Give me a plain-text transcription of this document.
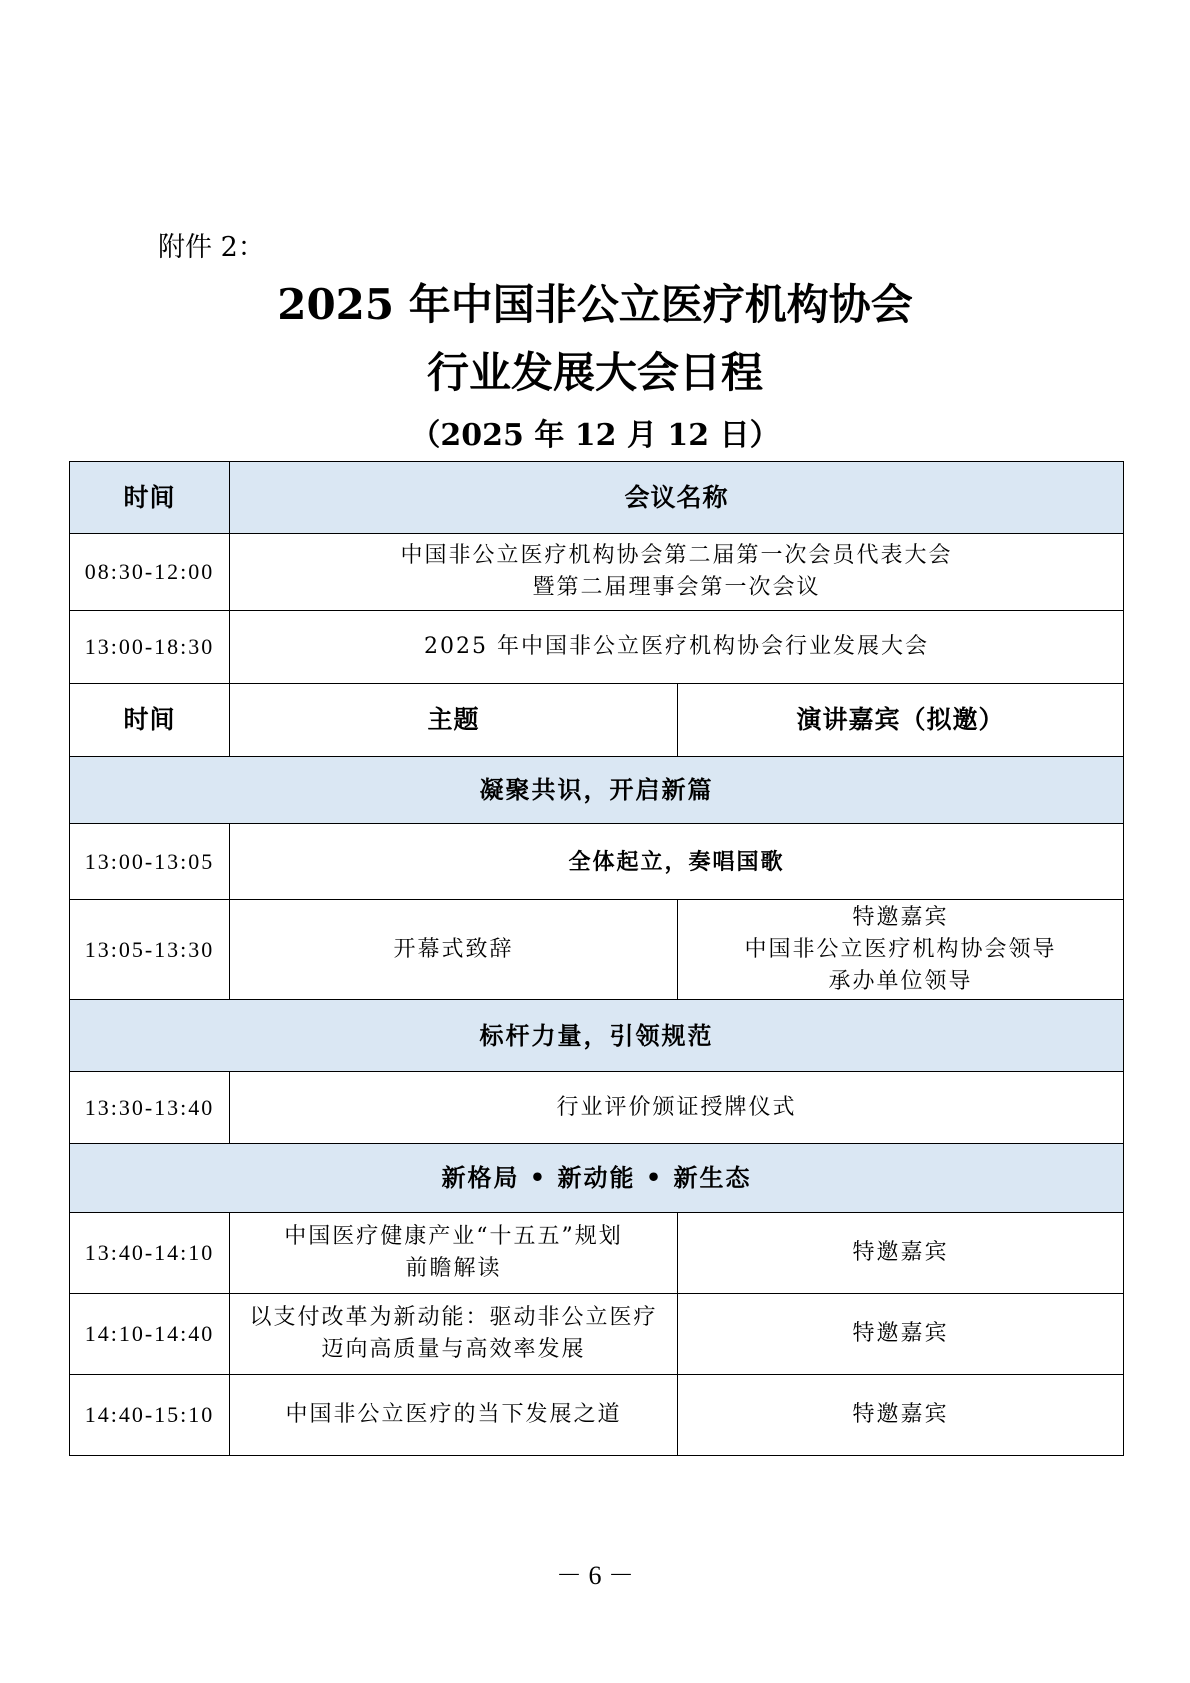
附件 2：
2025 年中国非公立医疗机构协会
行业发展大会日程
（2025 年 12 月 12 日）
时间	会议名称	
08:30-12:00	中国非公立医疗机构协会第二届第一次会员代表大会
暨第二届理事会第一次会议	

13:00-18:30	2025 年中国非公立医疗机构协会行业发展大会	
时间	主题	演讲嘉宾（拟邀）
凝聚共识，开启新篇		
13:00-13:05	全体起立，奏唱国歌	
13:05-13:30	开幕式致辞	特邀嘉宾
中国非公立医疗机构协会领导
承办单位领导

标杆力量，引领规范		
13:30-13:40	行业评价颁证授牌仪式	
新格局 • 新动能 • 新生态		
13:40-14:10	中国医疗健康产业“十五五”规划
前瞻解读	特邀嘉宾
14:10-14:40	以支付改革为新动能：驱动非公立医疗
迈向高质量与高效率发展	特邀嘉宾
14:40-15:10	中国非公立医疗的当下发展之道	特邀嘉宾
－ 6 －
